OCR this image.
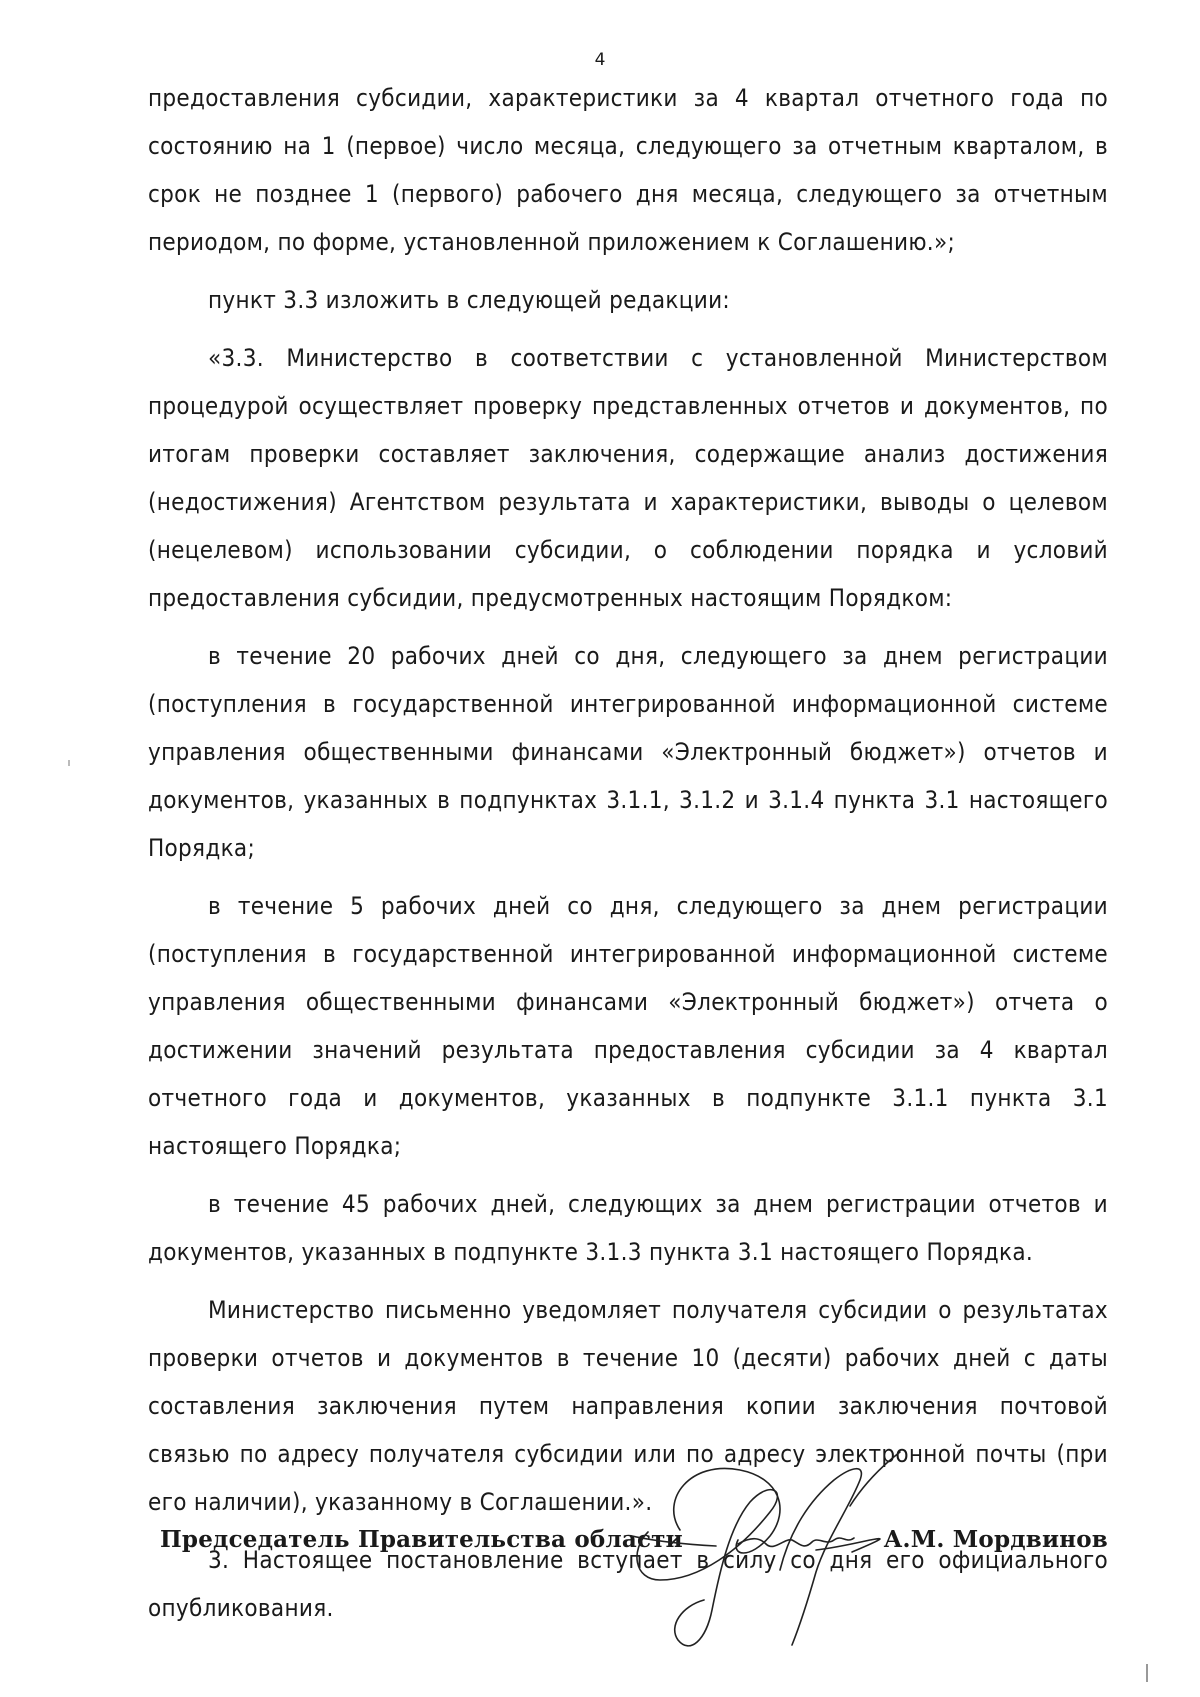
4

предоставления субсидии, характеристики за 4 квартал отчетного года по состоянию на 1 (первое) число месяца, следующего за отчетным кварталом, в срок не позднее 1 (первого) рабочего дня месяца, следующего за отчетным периодом, по форме, установленной приложением к Соглашению.»;

пункт 3.3 изложить в следующей редакции:

«3.3. Министерство в соответствии с установленной Министерством процедурой осуществляет проверку представленных отчетов и документов, по итогам проверки составляет заключения, содержащие анализ достижения (недостижения) Агентством результата и характеристики, выводы о целевом (нецелевом) использовании субсидии, о соблюдении порядка и условий предоставления субсидии, предусмотренных настоящим Порядком:

в течение 20 рабочих дней со дня, следующего за днем регистрации (поступления в государственной интегрированной информационной системе управления общественными финансами «Электронный бюджет») отчетов и документов, указанных в подпунктах 3.1.1, 3.1.2 и 3.1.4 пункта 3.1 настоящего Порядка;

в течение 5 рабочих дней со дня, следующего за днем регистрации (поступления в государственной интегрированной информационной системе управления общественными финансами «Электронный бюджет») отчета о достижении значений результата предоставления субсидии за 4 квартал отчетного года и документов, указанных в подпункте 3.1.1 пункта 3.1 настоящего Порядка;

в течение 45 рабочих дней, следующих за днем регистрации отчетов и документов, указанных в подпункте 3.1.3 пункта 3.1 настоящего Порядка.

Министерство письменно уведомляет получателя субсидии о результатах проверки отчетов и документов в течение 10 (десяти) рабочих дней с даты составления заключения путем направления копии заключения почтовой связью по адресу получателя субсидии или по адресу электронной почты (при его наличии), указанному в Соглашении.».

3. Настоящее постановление вступает в силу со дня его официального опубликования.

Председатель Правительства области	А.М. Мордвинов
